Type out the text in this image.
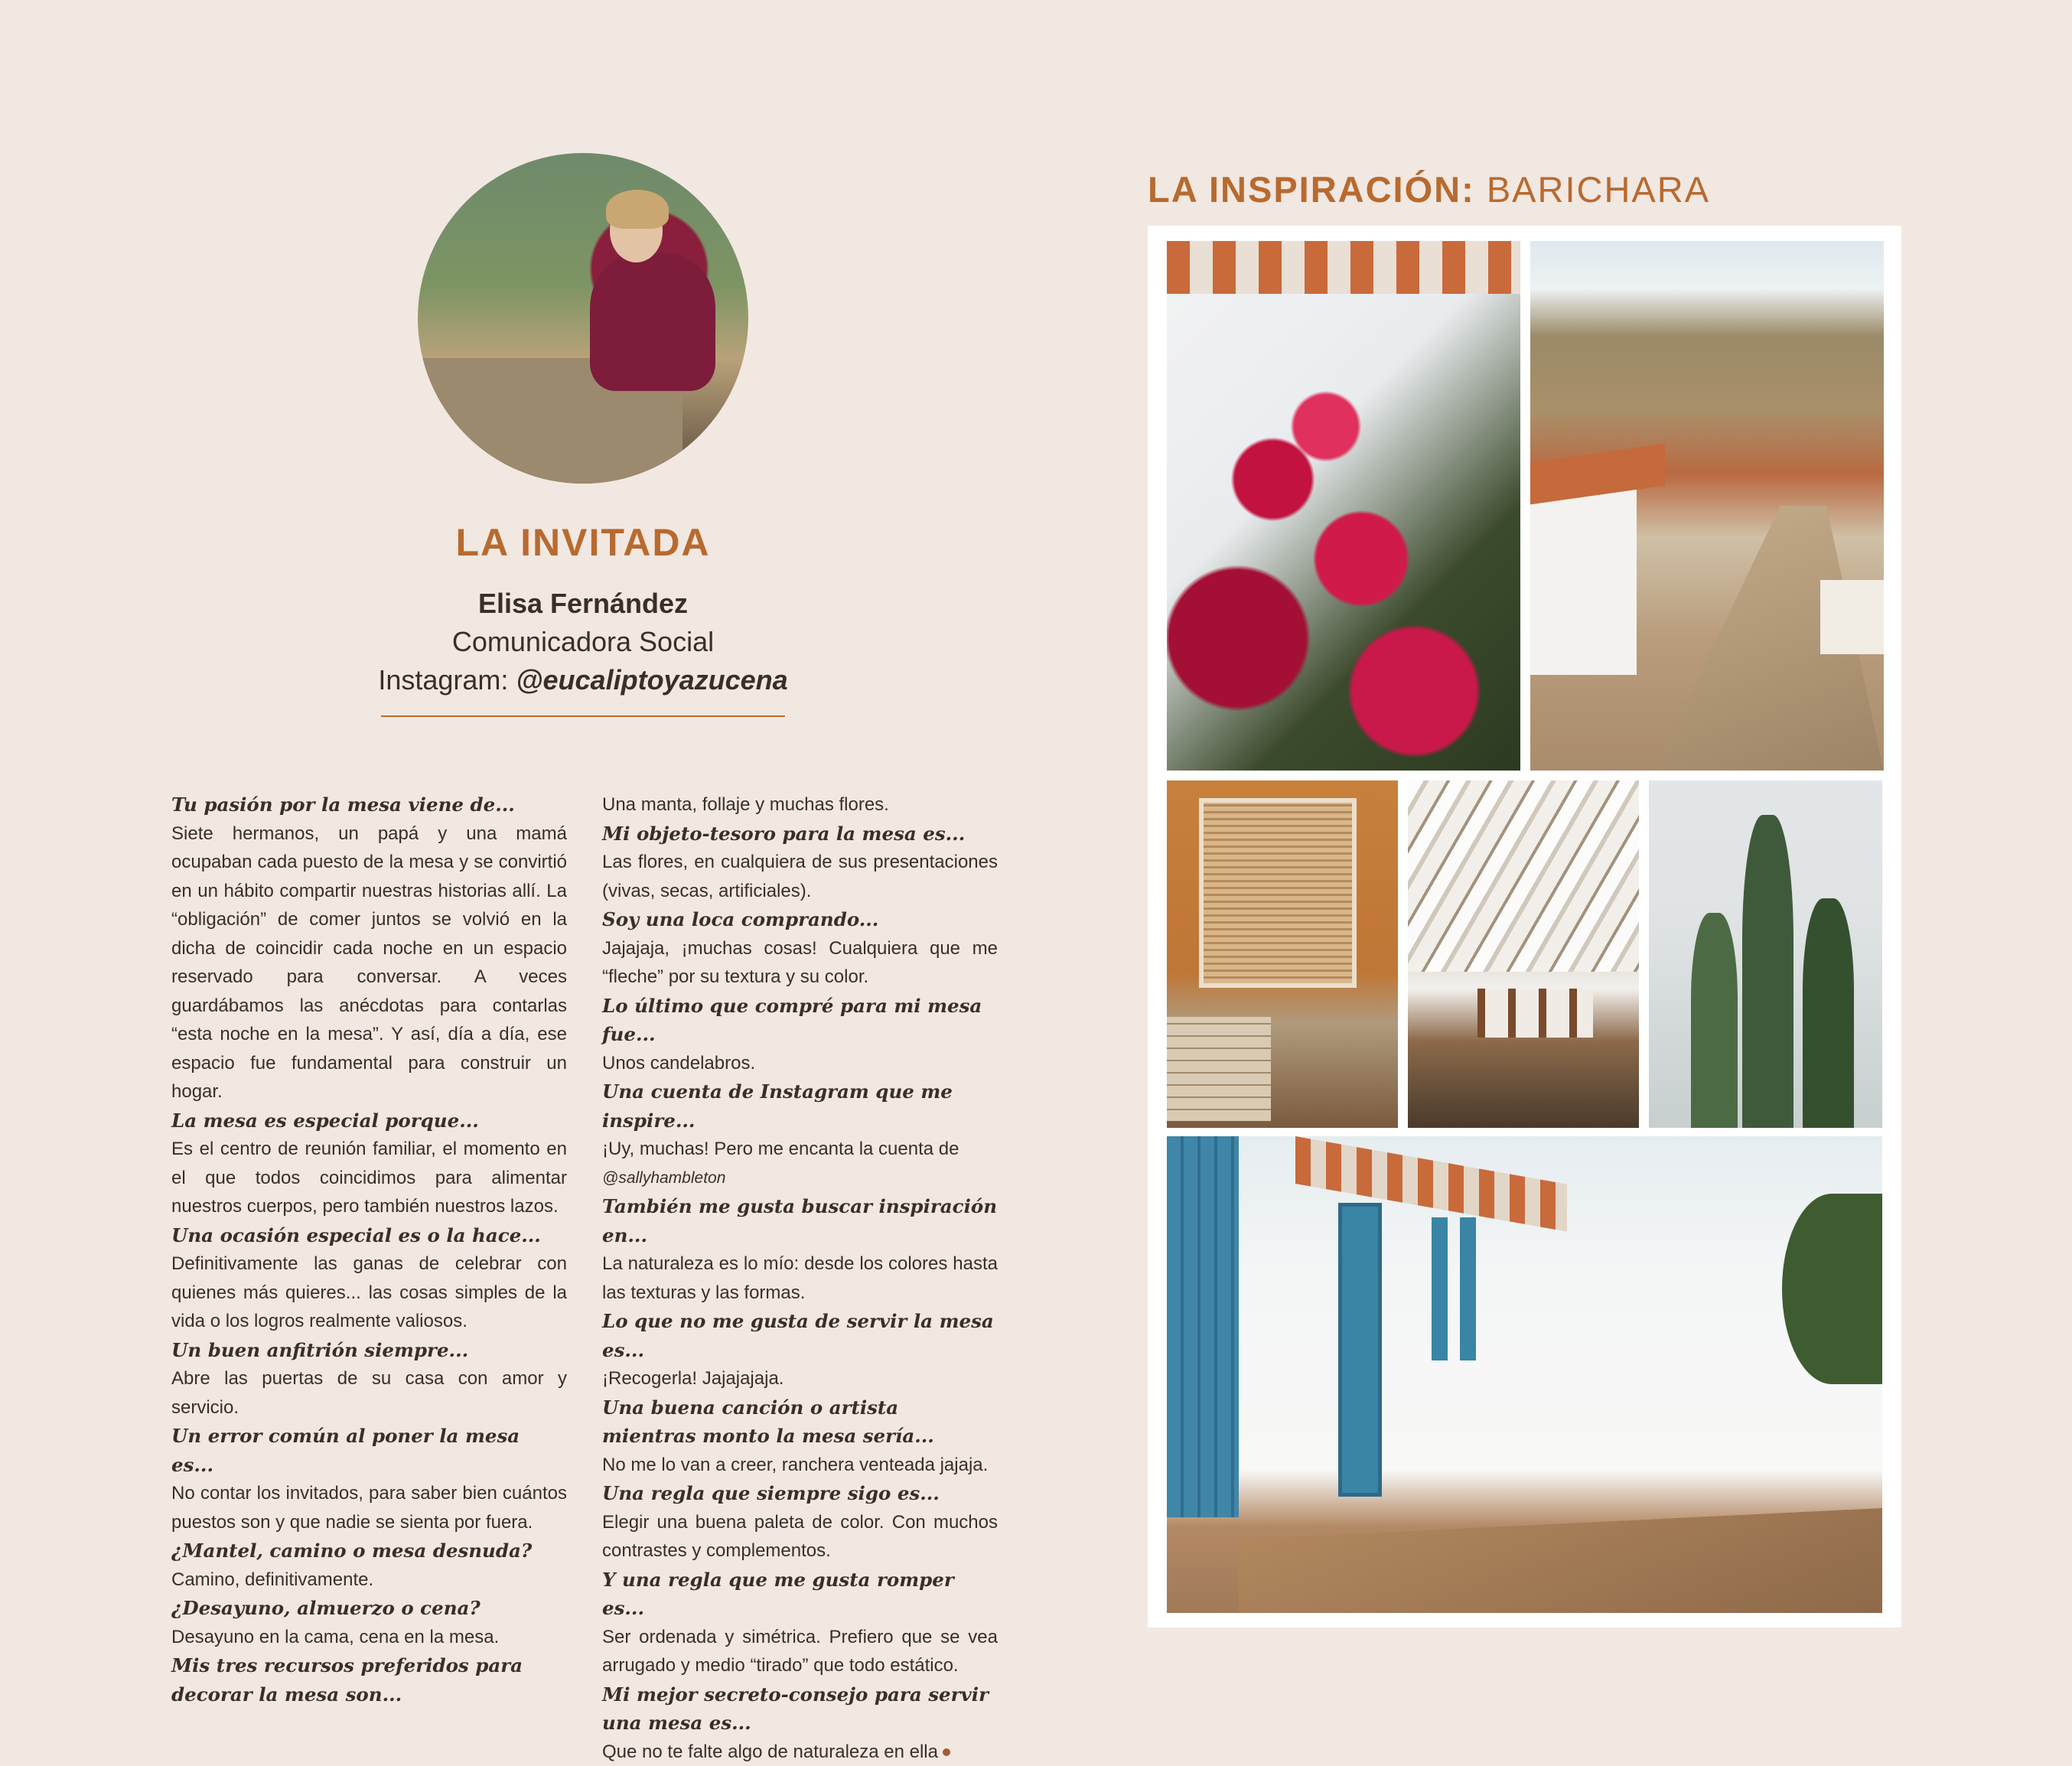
LA INVITADA
Elisa Fernández
Comunicadora Social
Instagram: @eucaliptoyazucena

Tu pasión por la mesa viene de...

Siete hermanos, un papá y una mamá ocupaban cada puesto de la mesa y se convirtió en un hábito compartir nuestras historias allí. La “obligación” de comer juntos se volvió en la dicha de coincidir cada noche en un espacio reservado para conversar. A veces guardábamos las anécdotas para contarlas “esta noche en la mesa”. Y así, día a día, ese espacio fue fundamental para construir un hogar.

La mesa es especial porque...

Es el centro de reunión familiar, el momento en el que todos coincidimos para alimentar nuestros cuerpos, pero también nuestros lazos.

Una ocasión especial es o la hace...

Definitivamente las ganas de celebrar con quienes más quieres... las cosas simples de la vida o los logros realmente valiosos.

Un buen anfitrión siempre...

Abre las puertas de su casa con amor y servicio.

Un error común al poner la mesa es...

No contar los invitados, para saber bien cuántos puestos son y que nadie se sienta por fuera.

¿Mantel, camino o mesa desnuda?

Camino, definitivamente.

¿Desayuno, almuerzo o cena?

Desayuno en la cama, cena en la mesa.

Mis tres recursos preferidos para decorar la mesa son...

Una manta, follaje y muchas flores.

Mi objeto-tesoro para la mesa es...

Las flores, en cualquiera de sus presentaciones (vivas, secas, artificiales).

Soy una loca comprando...

Jajajaja, ¡muchas cosas! Cualquiera que me “fleche” por su textura y su color.

Lo último que compré para mi mesa fue...

Unos candelabros.

Una cuenta de Instagram que me inspire...

¡Uy, muchas! Pero me encanta la cuenta de

@sallyhambleton

También me gusta buscar inspiración en...

La naturaleza es lo mío: desde los colores hasta las texturas y las formas.

Lo que no me gusta de servir la mesa es...

¡Recogerla! Jajajajaja.

Una buena canción o artista mientras monto la mesa sería...

No me lo van a creer, ranchera venteada jajaja.

Una regla que siempre sigo es...

Elegir una buena paleta de color. Con muchos contrastes y complementos.

Y una regla que me gusta romper es...

Ser ordenada y simétrica. Prefiero que se vea arrugado y medio “tirado” que todo estático.

Mi mejor secreto-consejo para servir una mesa es...

Que no te falte algo de naturaleza en ella

LA INSPIRACIÓN: BARICHARA
